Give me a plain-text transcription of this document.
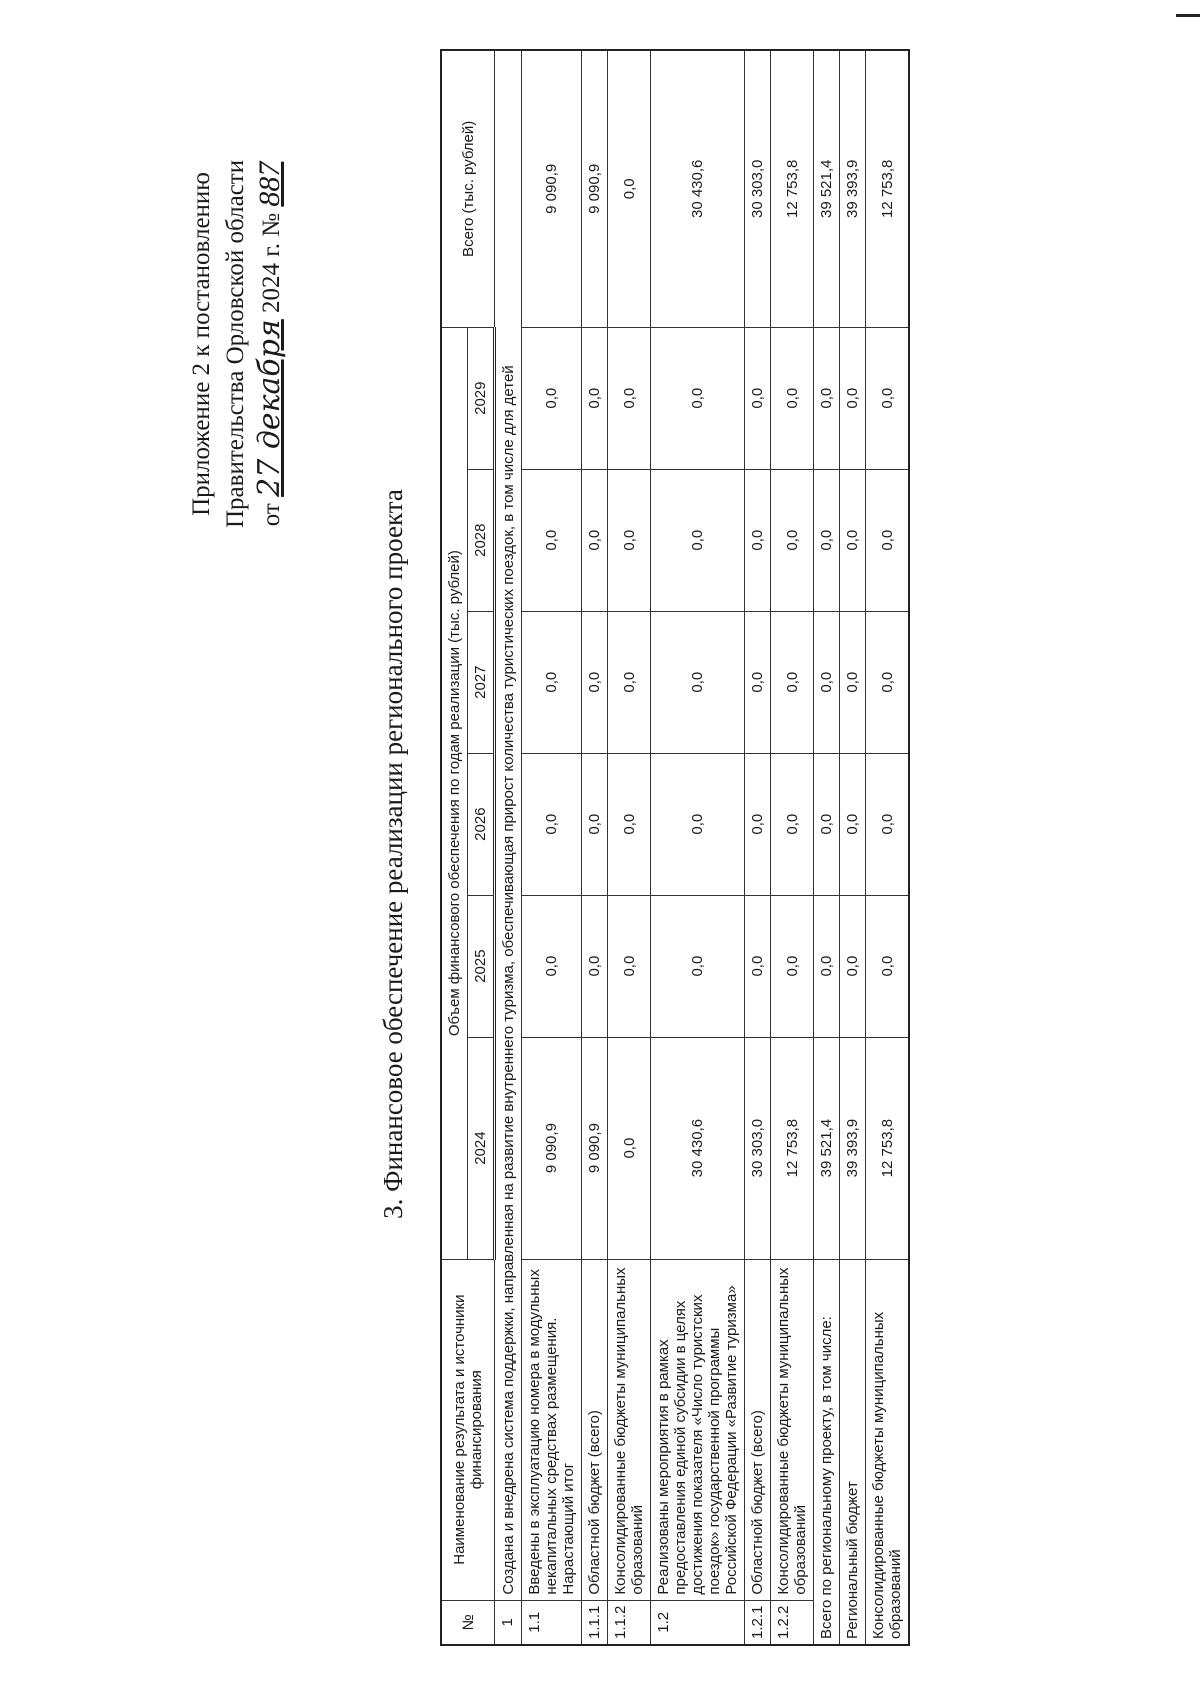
Приложение 2 к постановлению Правительства Орловской области от 27 декабря 2024 г. № 887
3. Финансовое обеспечение реализации регионального проекта
№	Наименование результата и источники финансирования	Объем финансового обеспечения по годам реализации (тыс. рублей)						Всего (тыс. рублей)
		2024	2025	2026	2027	2028	2029	
1	Создана и внедрена система поддержки, направленная на развитие внутреннего туризма, обеспечивающая прирост количества туристических поездок, в том числе для детей							
1.1	Введены в эксплуатацию номера в модульных некапитальных средствах размещения. Нарастающий итог	9 090,9	0,0	0,0	0,0	0,0	0,0	9 090,9
1.1.1	Областной бюджет (всего)	9 090,9	0,0	0,0	0,0	0,0	0,0	9 090,9
1.1.2	Консолидированные бюджеты муниципальных образований	0,0	0,0	0,0	0,0	0,0	0,0	0,0
1.2	Реализованы мероприятия в рамках предоставления единой субсидии в целях достижения показателя «Число туристских поездок» государственной программы Российской Федерации «Развитие туризма»	30 430,6	0,0	0,0	0,0	0,0	0,0	30 430,6
1.2.1	Областной бюджет (всего)	30 303,0	0,0	0,0	0,0	0,0	0,0	30 303,0
1.2.2	Консолидированные бюджеты муниципальных образований	12 753,8	0,0	0,0	0,0	0,0	0,0	12 753,8
Всего по региональному проекту, в том числе:		39 521,4	0,0	0,0	0,0	0,0	0,0	39 521,4
Региональный бюджет		39 393,9	0,0	0,0	0,0	0,0	0,0	39 393,9
Консолидированные бюджеты муниципальных образований		12 753,8	0,0	0,0	0,0	0,0	0,0	12 753,8
